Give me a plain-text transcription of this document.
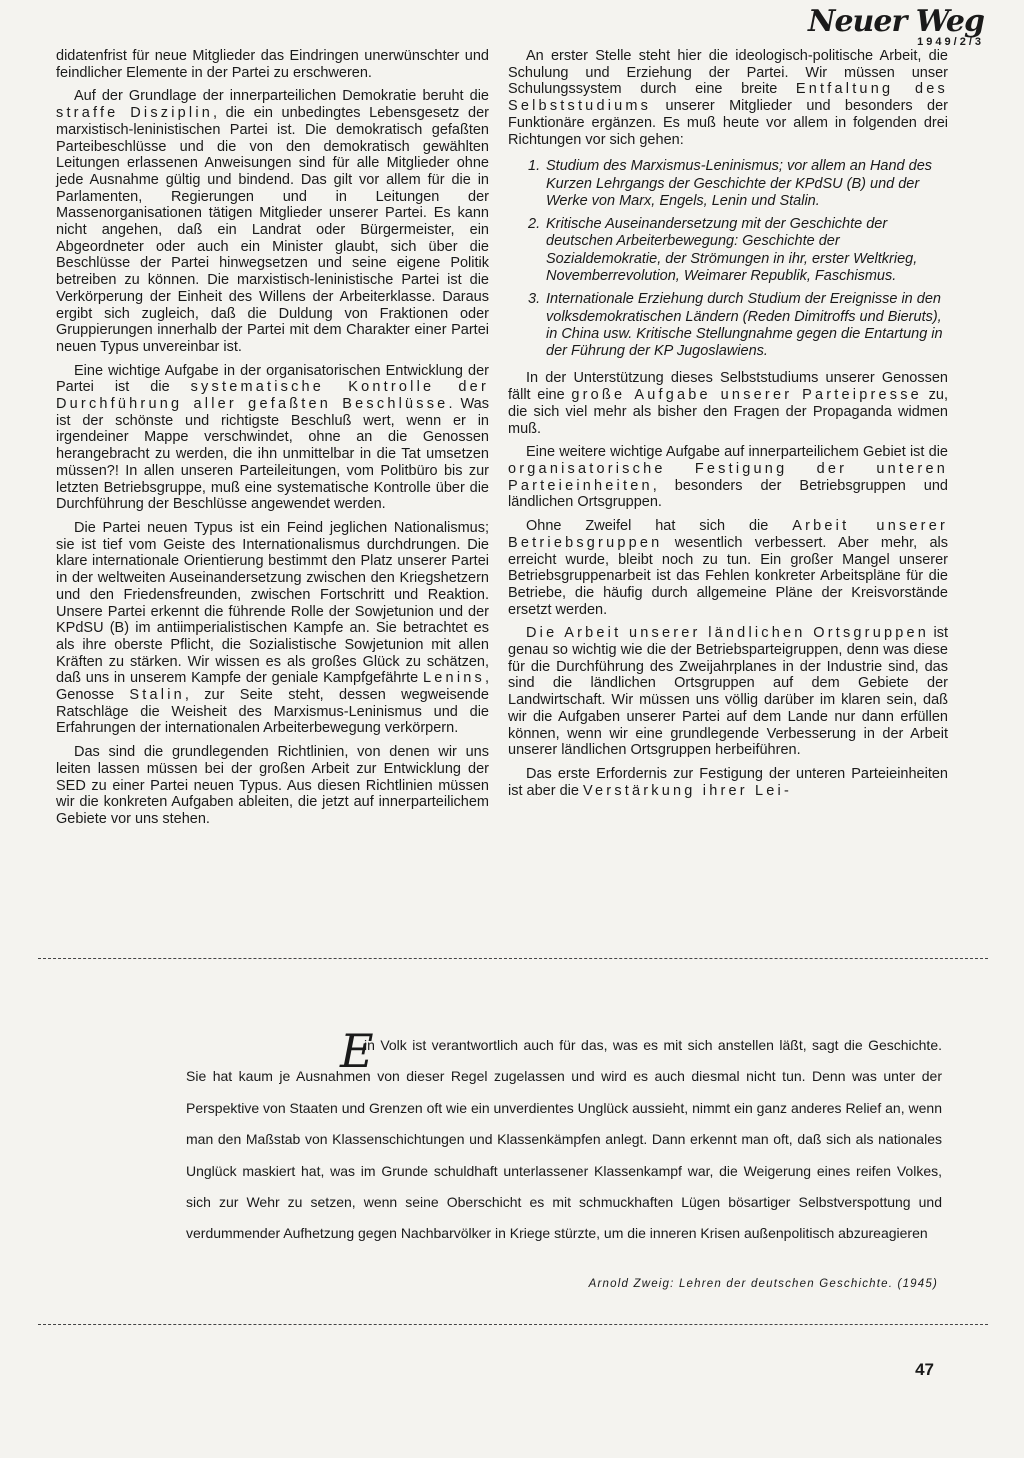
Neuer Weg
1949/2/3

didatenfrist für neue Mitglieder das Eindringen unerwünschter und feindlicher Elemente in der Partei zu erschweren.

Auf der Grundlage der innerparteilichen Demokratie beruht die straffe Disziplin, die ein unbedingtes Lebensgesetz der marxistisch-leninistischen Partei ist. Die demokratisch gefaßten Parteibeschlüsse und die von den demokratisch gewählten Leitungen erlassenen Anweisungen sind für alle Mitglieder ohne jede Ausnahme gültig und bindend. Das gilt vor allem für die in Parlamenten, Regierungen und in Leitungen der Massenorganisationen tätigen Mitglieder unserer Partei. Es kann nicht angehen, daß ein Landrat oder Bürgermeister, ein Abgeordneter oder auch ein Minister glaubt, sich über die Beschlüsse der Partei hinwegsetzen und seine eigene Politik betreiben zu können. Die marxistisch-leninistische Partei ist die Verkörperung der Einheit des Willens der Arbeiterklasse. Daraus ergibt sich zugleich, daß die Duldung von Fraktionen oder Gruppierungen innerhalb der Partei mit dem Charakter einer Partei neuen Typus unvereinbar ist.

Eine wichtige Aufgabe in der organisatorischen Entwicklung der Partei ist die systematische Kontrolle der Durchführung aller gefaßten Beschlüsse. Was ist der schönste und richtigste Beschluß wert, wenn er in irgendeiner Mappe verschwindet, ohne an die Genossen herangebracht zu werden, die ihn unmittelbar in die Tat umsetzen müssen?! In allen unseren Parteileitungen, vom Politbüro bis zur letzten Betriebsgruppe, muß eine systematische Kontrolle über die Durchführung der Beschlüsse angewendet werden.

Die Partei neuen Typus ist ein Feind jeglichen Nationalismus; sie ist tief vom Geiste des Internationalismus durchdrungen. Die klare internationale Orientierung bestimmt den Platz unserer Partei in der weltweiten Auseinandersetzung zwischen den Kriegshetzern und den Friedensfreunden, zwischen Fortschritt und Reaktion. Unsere Partei erkennt die führende Rolle der Sowjetunion und der KPdSU (B) im antiimperialistischen Kampfe an. Sie betrachtet es als ihre oberste Pflicht, die Sozialistische Sowjetunion mit allen Kräften zu stärken. Wir wissen es als großes Glück zu schätzen, daß uns in unserem Kampfe der geniale Kampfgefährte Lenins, Genosse Stalin, zur Seite steht, dessen wegweisende Ratschläge die Weisheit des Marxismus-Leninismus und die Erfahrungen der internationalen Arbeiterbewegung verkörpern.

Das sind die grundlegenden Richtlinien, von denen wir uns leiten lassen müssen bei der großen Arbeit zur Entwicklung der SED zu einer Partei neuen Typus. Aus diesen Richtlinien müssen wir die konkreten Aufgaben ableiten, die jetzt auf innerparteilichem Gebiete vor uns stehen.

An erster Stelle steht hier die ideologisch-politische Arbeit, die Schulung und Erziehung der Partei. Wir müssen unser Schulungssystem durch eine breite Entfaltung des Selbststudiums unserer Mitglieder und besonders der Funktionäre ergänzen. Es muß heute vor allem in folgenden drei Richtungen vor sich gehen:

1. Studium des Marxismus-Leninismus; vor allem an Hand des Kurzen Lehrgangs der Geschichte der KPdSU (B) und der Werke von Marx, Engels, Lenin und Stalin.
2. Kritische Auseinandersetzung mit der Geschichte der deutschen Arbeiterbewegung: Geschichte der Sozialdemokratie, der Strömungen in ihr, erster Weltkrieg, Novemberrevolution, Weimarer Republik, Faschismus.
3. Internationale Erziehung durch Studium der Ereignisse in den volksdemokratischen Ländern (Reden Dimitroffs und Bieruts), in China usw. Kritische Stellungnahme gegen die Entartung in der Führung der KP Jugoslawiens.

In der Unterstützung dieses Selbststudiums unserer Genossen fällt eine große Aufgabe unserer Parteipresse zu, die sich viel mehr als bisher den Fragen der Propaganda widmen muß.

Eine weitere wichtige Aufgabe auf innerparteilichem Gebiet ist die organisatorische Festigung der unteren Parteieinheiten, besonders der Betriebsgruppen und ländlichen Ortsgruppen.

Ohne Zweifel hat sich die Arbeit unserer Betriebsgruppen wesentlich verbessert. Aber mehr, als erreicht wurde, bleibt noch zu tun. Ein großer Mangel unserer Betriebsgruppenarbeit ist das Fehlen konkreter Arbeitspläne für die Betriebe, die häufig durch allgemeine Pläne der Kreisvorstände ersetzt werden.

Die Arbeit unserer ländlichen Ortsgruppen ist genau so wichtig wie die der Betriebsparteigruppen, denn was diese für die Durchführung des Zweijahrplanes in der Industrie sind, das sind die ländlichen Ortsgruppen auf dem Gebiete der Landwirtschaft. Wir müssen uns völlig darüber im klaren sein, daß wir die Aufgaben unserer Partei auf dem Lande nur dann erfüllen können, wenn wir eine grundlegende Verbesserung in der Arbeit unserer ländlichen Ortsgruppen herbeiführen.

Das erste Erfordernis zur Festigung der unteren Parteieinheiten ist aber die Verstärkung ihrer Lei-

E

in Volk ist verantwortlich auch für das, was es mit sich anstellen läßt, sagt die Geschichte. Sie hat kaum je Ausnahmen von dieser Regel zugelassen und wird es auch diesmal nicht tun. Denn was unter der Perspektive von Staaten und Grenzen oft wie ein unverdientes Unglück aussieht, nimmt ein ganz anderes Relief an, wenn man den Maßstab von Klassenschichtungen und Klassenkämpfen anlegt. Dann erkennt man oft, daß sich als nationales Unglück maskiert hat, was im Grunde schuldhaft unterlassener Klassenkampf war, die Weigerung eines reifen Volkes, sich zur Wehr zu setzen, wenn seine Oberschicht es mit schmuckhaften Lügen bösartiger Selbstverspottung und verdummender Aufhetzung gegen Nachbarvölker in Kriege stürzte, um die inneren Krisen außenpolitisch abzureagieren

Arnold Zweig: Lehren der deutschen Geschichte. (1945)
47
